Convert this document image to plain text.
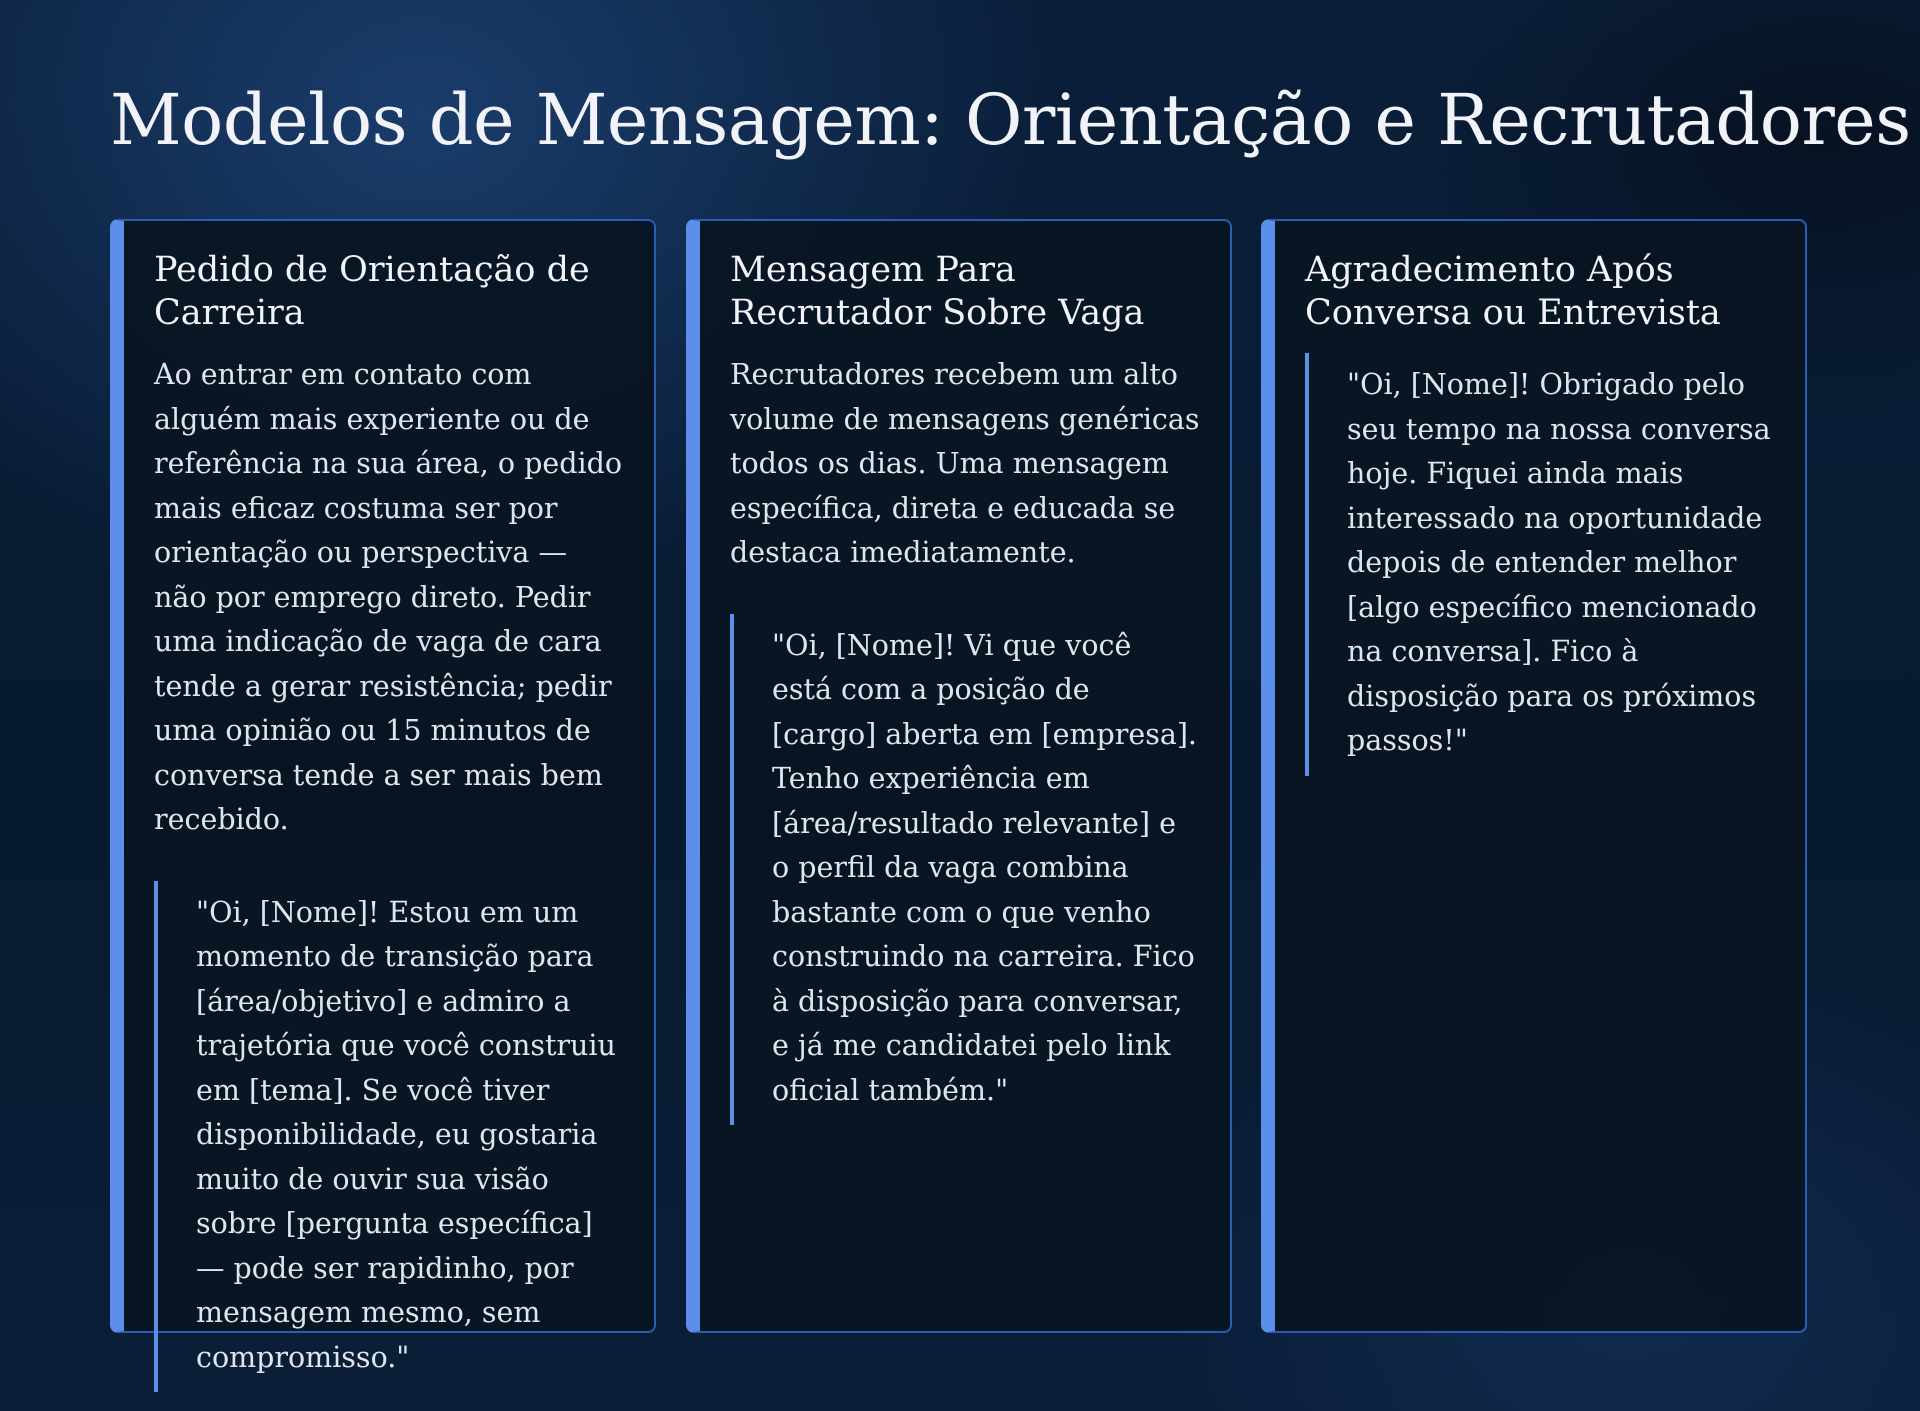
Modelos de Mensagem: Orientação e Recrutadores
Pedido de Orientação de Carreira

Ao entrar em contato com alguém mais experiente ou de referência na sua área, o pedido mais eficaz costuma ser por orientação ou perspectiva — não por emprego direto. Pedir uma indicação de vaga de cara tende a gerar resistência; pedir uma opinião ou 15 minutos de conversa tende a ser mais bem recebido.

"Oi, [Nome]! Estou em um momento de transição para [área/objetivo] e admiro a trajetória que você construiu em [tema]. Se você tiver disponibilidade, eu gostaria muito de ouvir sua visão sobre [pergunta específica] — pode ser rapidinho, por mensagem mesmo, sem compromisso."
Mensagem Para Recrutador Sobre Vaga

Recrutadores recebem um alto volume de mensagens genéricas todos os dias. Uma mensagem específica, direta e educada se destaca imediatamente.

"Oi, [Nome]! Vi que você está com a posição de [cargo] aberta em [empresa]. Tenho experiência em [área/resultado relevante] e o perfil da vaga combina bastante com o que venho construindo na carreira. Fico à disposição para conversar, e já me candidatei pelo link oficial também."
Agradecimento Após Conversa ou Entrevista
"Oi, [Nome]! Obrigado pelo seu tempo na nossa conversa hoje. Fiquei ainda mais interessado na oportunidade depois de entender melhor [algo específico mencionado na conversa]. Fico à disposição para os próximos passos!"
